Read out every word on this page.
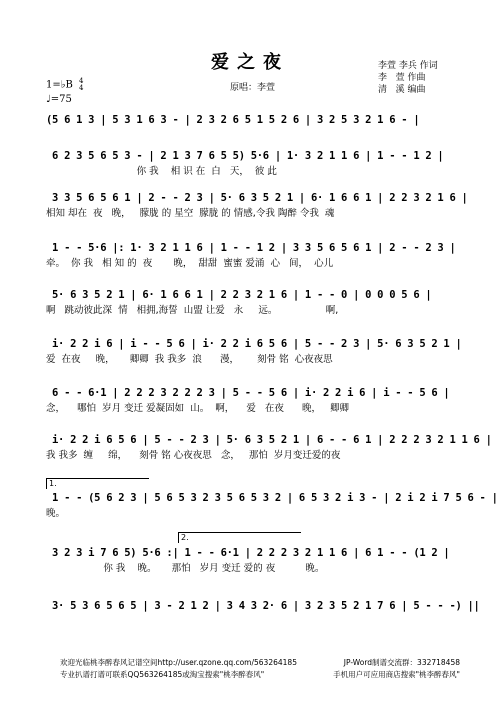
爱之夜
原唱：李萱
李萱 李兵 作词
李   萱 作曲
清   溪 编曲
1=♭B 4
4
♩=75
(5 6 1 3 | 5 3 1 6 3 - | 2 3 2 6 5 1 5 2 6 | 3 2 5 3 2 1 6 - |
6 2 3 5 6 5 3 - | 2 1 3 7 6 5 5) 5·6 | 1· 3 2 1 1 6 | 1 - - 1 2 |
你 我    相 识 在  白   天，  彼 此
3 3 5 6 5 6 1 | 2 - - 2 3 | 5· 6 3 5 2 1 | 6· 1 6 6 1 | 2 2 3 2 1 6 |
相知 却在  夜   晚，   朦胧 的 星空  朦胧 的 情感,令我 陶醉 令我  魂
1 - - 5·6 |: 1· 3 2 1 1 6 | 1 - - 1 2 | 3 3 5 6 5 6 1 | 2 - - 2 3 |
牵。  你 我   相 知 的  夜       晚，  甜甜  蜜蜜 爱涌  心   间，  心儿
5· 6 3 5 2 1 | 6· 1 6 6 1 | 2 2 3 2 1 6 | 1 - - 0 | 0 0 0 5 6 |
啊   跳动彼此深  情   相拥,海誓  山盟 让爱   永     远。                啊,
i· 2 2 i 6 | i - - 5 6 | i· 2 2 i 6 5 6 | 5 - - 2 3 | 5· 6 3 5 2 1 |
爱  在夜     晚，     卿卿  我 我多  浪      漫，      刻骨 铭  心夜夜思
6 - - 6·1 | 2 2 2 3 2 2 2 3 | 5 - - 5 6 | i· 2 2 i 6 | i - - 5 6 |
念，    哪怕  岁月 变迁 爱凝固如  山。  啊，    爱   在夜      晚，   卿卿
i· 2 2 i 6 5 6 | 5 - - 2 3 | 5· 6 3 5 2 1 | 6 - - 6 1 | 2 2 2 3 2 1 1 6 |
我 我多  缠     绵，    刻骨 铭 心夜夜思   念，   那怕  岁月变迁爱的夜
1.
1 - - (5 6 2 3 | 5 6 5 3 2 3 5 6 5 3 2 | 6 5 3 2 i 3 - | 2 i 2 i 7 5 6 - |
晚。
2.
3 2 3 i 7 6 5) 5·6 :| 1 - - 6·1 | 2 2 2 3 2 1 1 6 | 6 1 - - (1 2 |
你 我    晚。     那怕   岁月 变迁 爱的 夜          晚。
3· 5 3 6 5 6 5 | 3 - 2 1 2 | 3 4 3 2· 6 | 3 2 3 5 2 1 7 6 | 5 - - -) ||
欢迎光临桃李醉春风记谱空间http://user.qzone.qq.com/563264185	JP-Word制谱交流群：332718458
专业扒谱打谱可联系QQ563264185或淘宝搜索"桃李醉春风"	手机用户可应用商店搜索"桃李醉春风"
